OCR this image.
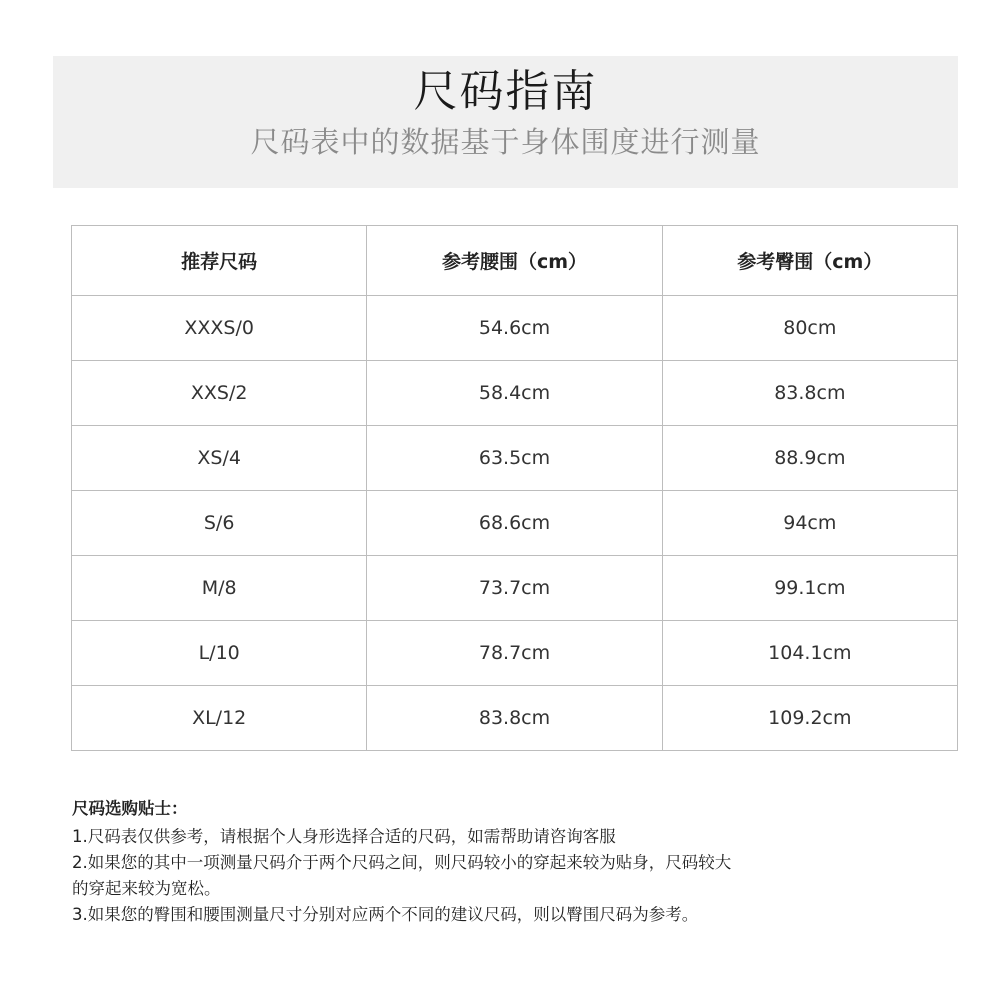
尺码指南
尺码表中的数据基于身体围度进行测量
推荐尺码	参考腰围（cm）	参考臀围（cm）
XXXS/0	54.6cm	80cm
XXS/2	58.4cm	83.8cm
XS/4	63.5cm	88.9cm
S/6	68.6cm	94cm
M/8	73.7cm	99.1cm
L/10	78.7cm	104.1cm
XL/12	83.8cm	109.2cm
尺码选购贴士：

1.尺码表仅供参考，请根据个人身形选择合适的尺码，如需帮助请咨询客服

2.如果您的其中一项测量尺码介于两个尺码之间，则尺码较小的穿起来较为贴身，尺码较大

的穿起来较为宽松。

3.如果您的臀围和腰围测量尺寸分别对应两个不同的建议尺码，则以臀围尺码为参考。
